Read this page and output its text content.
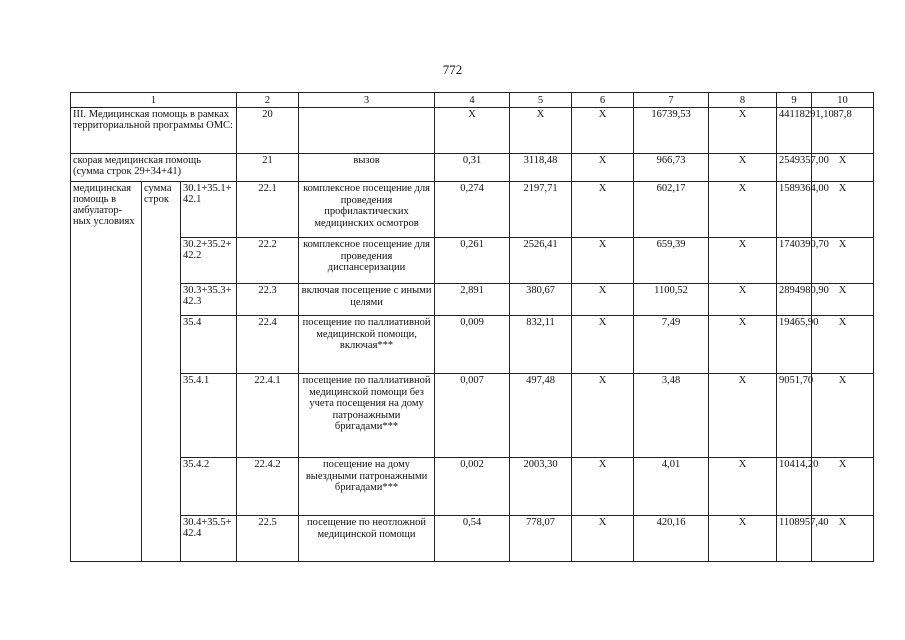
772
1			2	3	4	5	6	7	8	9	10
III. Медицинская помощь в рамках территориальной программы ОМС:			20		X	X	X	16739,53	X	44118291,10	87,8
скорая медицинская помощь (сумма строк 29+34+41)			21	вызов	0,31	3118,48	X	966,73	X	2549357,00	X
медицинская помощь в амбулатор-ных условиях	сумма строк	30.1+35.1+ 42.1	22.1	комплексное посещение для проведения профилактических медицинских осмотров	0,274	2197,71	X	602,17	X	1589364,00	X
		30.2+35.2+ 42.2	22.2	комплексное посещение для проведения диспансеризации	0,261	2526,41	X	659,39	X	1740390,70	X
		30.3+35.3+ 42.3	22.3	включая посещение с иными целями	2,891	380,67	X	1100,52	X	2894980,90	X
		35.4	22.4	посещение по паллиативной медицинской помощи, включая***	0,009	832,11	X	7,49	X	19465,90	X
		35.4.1	22.4.1	посещение по паллиативной медицинской помощи без учета посещения на дому патронажными бригадами***	0,007	497,48	X	3,48	X	9051,70	X
		35.4.2	22.4.2	посещение на дому выездными патронажными бригадами***	0,002	2003,30	X	4,01	X	10414,20	X
		30.4+35.5+ 42.4	22.5	посещение по неотложной медицинской помощи	0,54	778,07	X	420,16	X	1108957,40	X
